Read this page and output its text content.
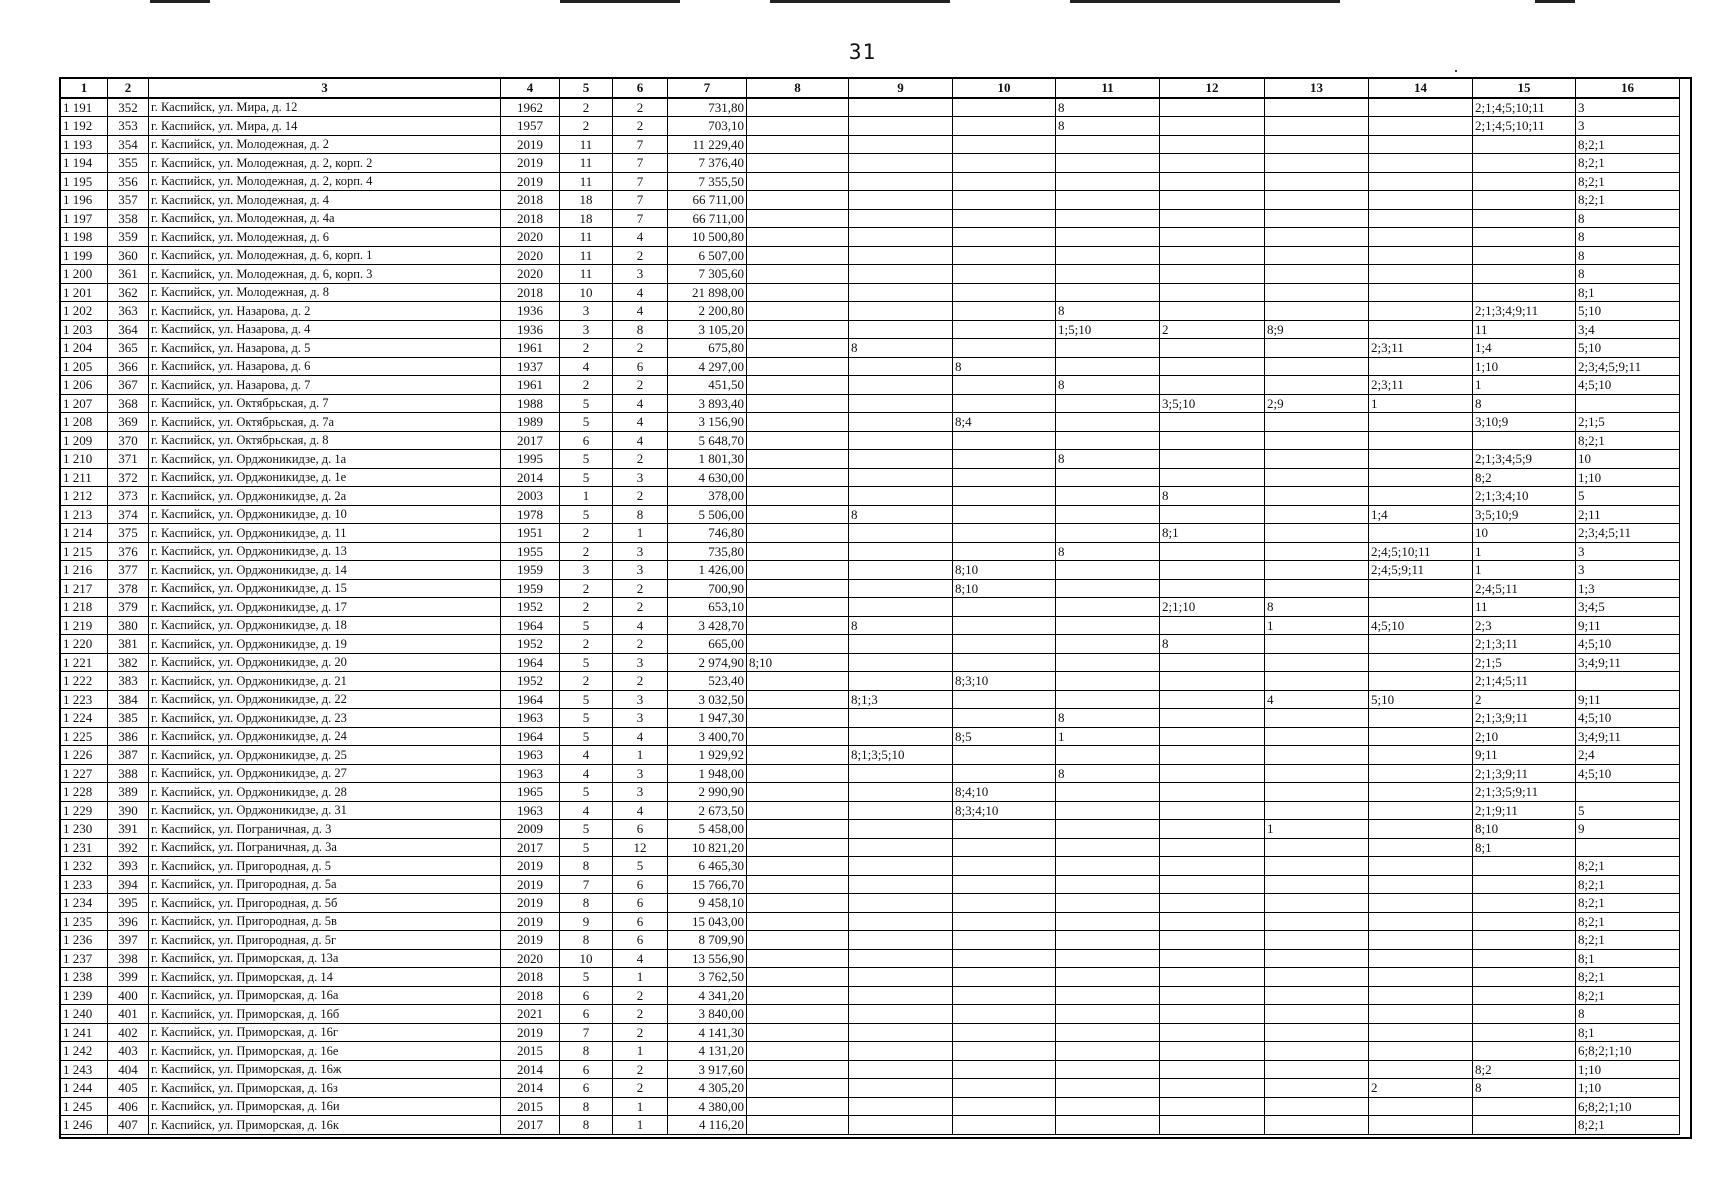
31
1	2	3	4	5	6	7	8	9	10	11	12	13	14	15	16
1 191	352	г. Каспийск, ул. Мира, д. 12	1962	2	2	731,80				8				2;1;4;5;10;11	3
1 192	353	г. Каспийск, ул. Мира, д. 14	1957	2	2	703,10				8				2;1;4;5;10;11	3
1 193	354	г. Каспийск, ул. Молодежная, д. 2	2019	11	7	11 229,40									8;2;1
1 194	355	г. Каспийск, ул. Молодежная, д. 2, корп. 2	2019	11	7	7 376,40									8;2;1
1 195	356	г. Каспийск, ул. Молодежная, д. 2, корп. 4	2019	11	7	7 355,50									8;2;1
1 196	357	г. Каспийск, ул. Молодежная, д. 4	2018	18	7	66 711,00									8;2;1
1 197	358	г. Каспийск, ул. Молодежная, д. 4а	2018	18	7	66 711,00									8
1 198	359	г. Каспийск, ул. Молодежная, д. 6	2020	11	4	10 500,80									8
1 199	360	г. Каспийск, ул. Молодежная, д. 6, корп. 1	2020	11	2	6 507,00									8
1 200	361	г. Каспийск, ул. Молодежная, д. 6, корп. 3	2020	11	3	7 305,60									8
1 201	362	г. Каспийск, ул. Молодежная, д. 8	2018	10	4	21 898,00									8;1
1 202	363	г. Каспийск, ул. Назарова, д. 2	1936	3	4	2 200,80				8				2;1;3;4;9;11	5;10
1 203	364	г. Каспийск, ул. Назарова, д. 4	1936	3	8	3 105,20				1;5;10	2	8;9		11	3;4
1 204	365	г. Каспийск, ул. Назарова, д. 5	1961	2	2	675,80		8					2;3;11	1;4	5;10
1 205	366	г. Каспийск, ул. Назарова, д. 6	1937	4	6	4 297,00			8					1;10	2;3;4;5;9;11
1 206	367	г. Каспийск, ул. Назарова, д. 7	1961	2	2	451,50				8			2;3;11	1	4;5;10
1 207	368	г. Каспийск, ул. Октябрьская, д. 7	1988	5	4	3 893,40					3;5;10	2;9	1	8	
1 208	369	г. Каспийск, ул. Октябрьская, д. 7а	1989	5	4	3 156,90			8;4					3;10;9	2;1;5
1 209	370	г. Каспийск, ул. Октябрьская, д. 8	2017	6	4	5 648,70									8;2;1
1 210	371	г. Каспийск, ул. Орджоникидзе, д. 1а	1995	5	2	1 801,30				8				2;1;3;4;5;9	10
1 211	372	г. Каспийск, ул. Орджоникидзе, д. 1е	2014	5	3	4 630,00								8;2	1;10
1 212	373	г. Каспийск, ул. Орджоникидзе, д. 2а	2003	1	2	378,00					8			2;1;3;4;10	5
1 213	374	г. Каспийск, ул. Орджоникидзе, д. 10	1978	5	8	5 506,00		8					1;4	3;5;10;9	2;11
1 214	375	г. Каспийск, ул. Орджоникидзе, д. 11	1951	2	1	746,80					8;1			10	2;3;4;5;11
1 215	376	г. Каспийск, ул. Орджоникидзе, д. 13	1955	2	3	735,80				8			2;4;5;10;11	1	3
1 216	377	г. Каспийск, ул. Орджоникидзе, д. 14	1959	3	3	1 426,00			8;10				2;4;5;9;11	1	3
1 217	378	г. Каспийск, ул. Орджоникидзе, д. 15	1959	2	2	700,90			8;10					2;4;5;11	1;3
1 218	379	г. Каспийск, ул. Орджоникидзе, д. 17	1952	2	2	653,10					2;1;10	8		11	3;4;5
1 219	380	г. Каспийск, ул. Орджоникидзе, д. 18	1964	5	4	3 428,70		8				1	4;5;10	2;3	9;11
1 220	381	г. Каспийск, ул. Орджоникидзе, д. 19	1952	2	2	665,00					8			2;1;3;11	4;5;10
1 221	382	г. Каспийск, ул. Орджоникидзе, д. 20	1964	5	3	2 974,90	8;10							2;1;5	3;4;9;11
1 222	383	г. Каспийск, ул. Орджоникидзе, д. 21	1952	2	2	523,40			8;3;10					2;1;4;5;11	
1 223	384	г. Каспийск, ул. Орджоникидзе, д. 22	1964	5	3	3 032,50		8;1;3				4	5;10	2	9;11
1 224	385	г. Каспийск, ул. Орджоникидзе, д. 23	1963	5	3	1 947,30				8				2;1;3;9;11	4;5;10
1 225	386	г. Каспийск, ул. Орджоникидзе, д. 24	1964	5	4	3 400,70			8;5	1				2;10	3;4;9;11
1 226	387	г. Каспийск, ул. Орджоникидзе, д. 25	1963	4	1	1 929,92		8;1;3;5;10						9;11	2;4
1 227	388	г. Каспийск, ул. Орджоникидзе, д. 27	1963	4	3	1 948,00				8				2;1;3;9;11	4;5;10
1 228	389	г. Каспийск, ул. Орджоникидзе, д. 28	1965	5	3	2 990,90			8;4;10					2;1;3;5;9;11	
1 229	390	г. Каспийск, ул. Орджоникидзе, д. 31	1963	4	4	2 673,50			8;3;4;10					2;1;9;11	5
1 230	391	г. Каспийск, ул. Пограничная, д. 3	2009	5	6	5 458,00						1		8;10	9
1 231	392	г. Каспийск, ул. Пограничная, д. 3а	2017	5	12	10 821,20								8;1	
1 232	393	г. Каспийск, ул. Пригородная, д. 5	2019	8	5	6 465,30									8;2;1
1 233	394	г. Каспийск, ул. Пригородная, д. 5а	2019	7	6	15 766,70									8;2;1
1 234	395	г. Каспийск, ул. Пригородная, д. 5б	2019	8	6	9 458,10									8;2;1
1 235	396	г. Каспийск, ул. Пригородная, д. 5в	2019	9	6	15 043,00									8;2;1
1 236	397	г. Каспийск, ул. Пригородная, д. 5г	2019	8	6	8 709,90									8;2;1
1 237	398	г. Каспийск, ул. Приморская, д. 13а	2020	10	4	13 556,90									8;1
1 238	399	г. Каспийск, ул. Приморская, д. 14	2018	5	1	3 762,50									8;2;1
1 239	400	г. Каспийск, ул. Приморская, д. 16а	2018	6	2	4 341,20									8;2;1
1 240	401	г. Каспийск, ул. Приморская, д. 16б	2021	6	2	3 840,00									8
1 241	402	г. Каспийск, ул. Приморская, д. 16г	2019	7	2	4 141,30									8;1
1 242	403	г. Каспийск, ул. Приморская, д. 16е	2015	8	1	4 131,20									6;8;2;1;10
1 243	404	г. Каспийск, ул. Приморская, д. 16ж	2014	6	2	3 917,60								8;2	1;10
1 244	405	г. Каспийск, ул. Приморская, д. 16з	2014	6	2	4 305,20							2	8	1;10
1 245	406	г. Каспийск, ул. Приморская, д. 16и	2015	8	1	4 380,00									6;8;2;1;10
1 246	407	г. Каспийск, ул. Приморская, д. 16к	2017	8	1	4 116,20									8;2;1
